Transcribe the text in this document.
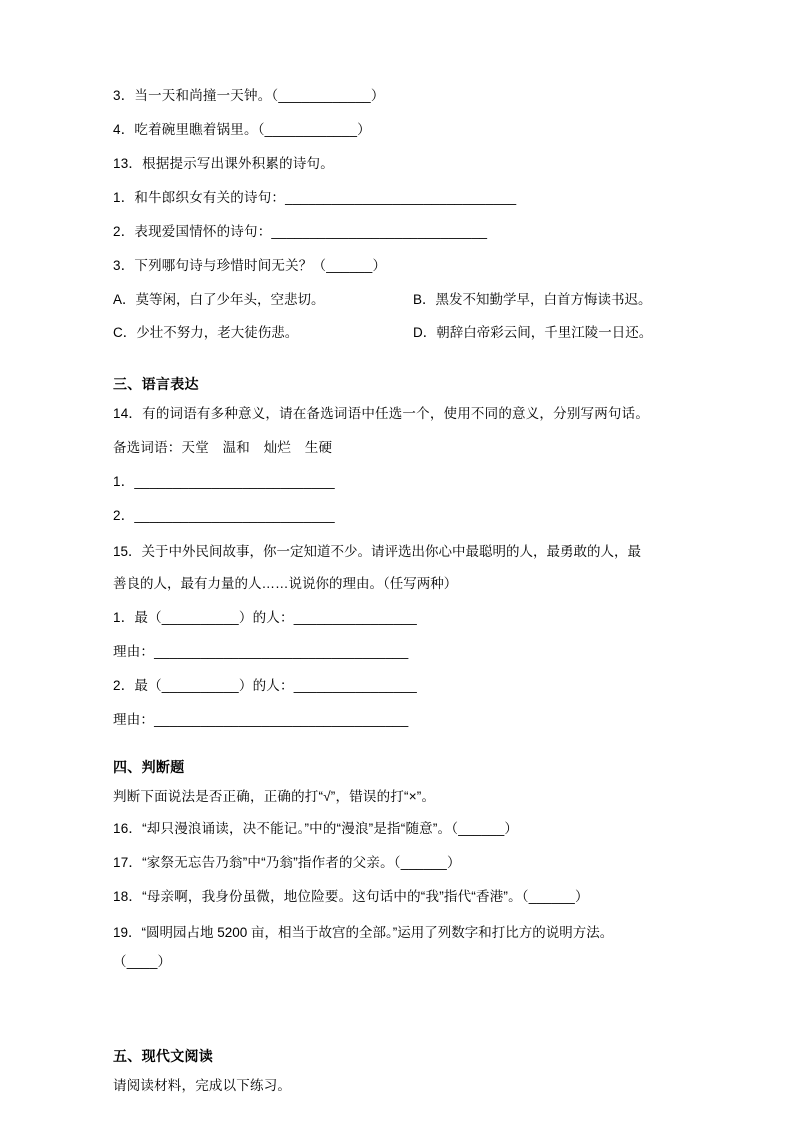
3．当一天和尚撞一天钟。（____________）

4．吃着碗里瞧着锅里。（____________）

13．根据提示写出课外积累的诗句。

1．和牛郎织女有关的诗句：______________________________

2．表现爱国情怀的诗句：____________________________

3．下列哪句诗与珍惜时间无关？（______）

A．莫等闲，白了少年头，空悲切。	B．黑发不知勤学早，白首方悔读书迟。
C．少壮不努力，老大徒伤悲。	D．朝辞白帝彩云间，千里江陵一日还。
三、语言表达

14．有的词语有多种意义，请在备选词语中任选一个，使用不同的意义，分别写两句话。

备选词语：天堂　温和　灿烂　生硬

1．__________________________

2．__________________________

15．关于中外民间故事，你一定知道不少。请评选出你心中最聪明的人，最勇敢的人，最

善良的人，最有力量的人……说说你的理由。（任写两种）

1．最（__________）的人：________________

理由：_________________________________

2．最（__________）的人：________________

理由：_________________________________

四、判断题

判断下面说法是否正确，正确的打“√”，错误的打“×”。

16．“却只漫浪诵读，决不能记。”中的“漫浪”是指“随意”。（______）

17．“家祭无忘告乃翁”中“乃翁”指作者的父亲。（______）

18．“母亲啊，我身份虽微，地位险要。这句话中的“我”指代“香港”。（______）

19．“圆明园占地 5200 亩，相当于故宫的全部。”运用了列数字和打比方的说明方法。

（____）

五、现代文阅读

请阅读材料，完成以下练习。
